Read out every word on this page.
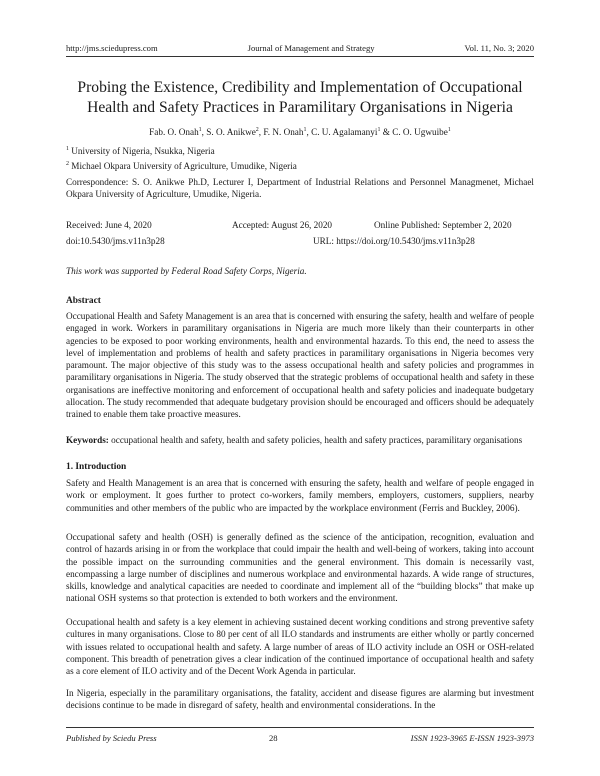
http://jms.sciedupress.com	Journal of Management and Strategy	Vol. 11, No. 3; 2020
Probing the Existence, Credibility and Implementation of Occupational Health and Safety Practices in Paramilitary Organisations in Nigeria
Fab. O. Onah$^1$, S. O. Anikwe$^2$, F. N. Onah$^1$, C. U. Agalamanyi$^1$ & C. O. Ugwuibe$^1$
$^1$ University of Nigeria, Nsukka, Nigeria
$^2$ Michael Okpara University of Agriculture, Umudike, Nigeria
Correspondence: S. O. Anikwe Ph.D, Lecturer I, Department of Industrial Relations and Personnel Managmenet, Michael Okpara University of Agriculture, Umudike, Nigeria.
Received: June 4, 2020	Accepted: August 26, 2020	Online Published: September 2, 2020
doi:10.5430/jms.v11n3p28	URL: https://doi.org/10.5430/jms.v11n3p28
This work was supported by Federal Road Safety Corps, Nigeria.
Abstract
Occupational Health and Safety Management is an area that is concerned with ensuring the safety, health and welfare of people engaged in work. Workers in paramilitary organisations in Nigeria are much more likely than their counterparts in other agencies to be exposed to poor working environments, health and environmental hazards. To this end, the need to assess the level of implementation and problems of health and safety practices in paramilitary organisations in Nigeria becomes very paramount. The major objective of this study was to the assess occupational health and safety policies and programmes in paramilitary organisations in Nigeria. The study observed that the strategic problems of occupational health and safety in these organisations are ineffective monitoring and enforcement of occupational health and safety policies and inadequate budgetary allocation. The study recommended that adequate budgetary provision should be encouraged and officers should be adequately trained to enable them take proactive measures.
Keywords: occupational health and safety, health and safety policies, health and safety practices, paramilitary organisations
1. Introduction
Safety and Health Management is an area that is concerned with ensuring the safety, health and welfare of people engaged in work or employment. It goes further to protect co-workers, family members, employers, customers, suppliers, nearby communities and other members of the public who are impacted by the workplace environment (Ferris and Buckley, 2006).
Occupational safety and health (OSH) is generally defined as the science of the anticipation, recognition, evaluation and control of hazards arising in or from the workplace that could impair the health and well-being of workers, taking into account the possible impact on the surrounding communities and the general environment. This domain is necessarily vast, encompassing a large number of disciplines and numerous workplace and environmental hazards. A wide range of structures, skills, knowledge and analytical capacities are needed to coordinate and implement all of the “building blocks” that make up national OSH systems so that protection is extended to both workers and the environment.
Occupational health and safety is a key element in achieving sustained decent working conditions and strong preventive safety cultures in many organisations. Close to 80 per cent of all ILO standards and instruments are either wholly or partly concerned with issues related to occupational health and safety. A large number of areas of ILO activity include an OSH or OSH-related component. This breadth of penetration gives a clear indication of the continued importance of occupational health and safety as a core element of ILO activity and of the Decent Work Agenda in particular.
In Nigeria, especially in the paramilitary organisations, the fatality, accident and disease figures are alarming but investment decisions continue to be made in disregard of safety, health and environmental considerations. In the
Published by Sciedu Press	28	ISSN 1923-3965 E-ISSN 1923-3973
